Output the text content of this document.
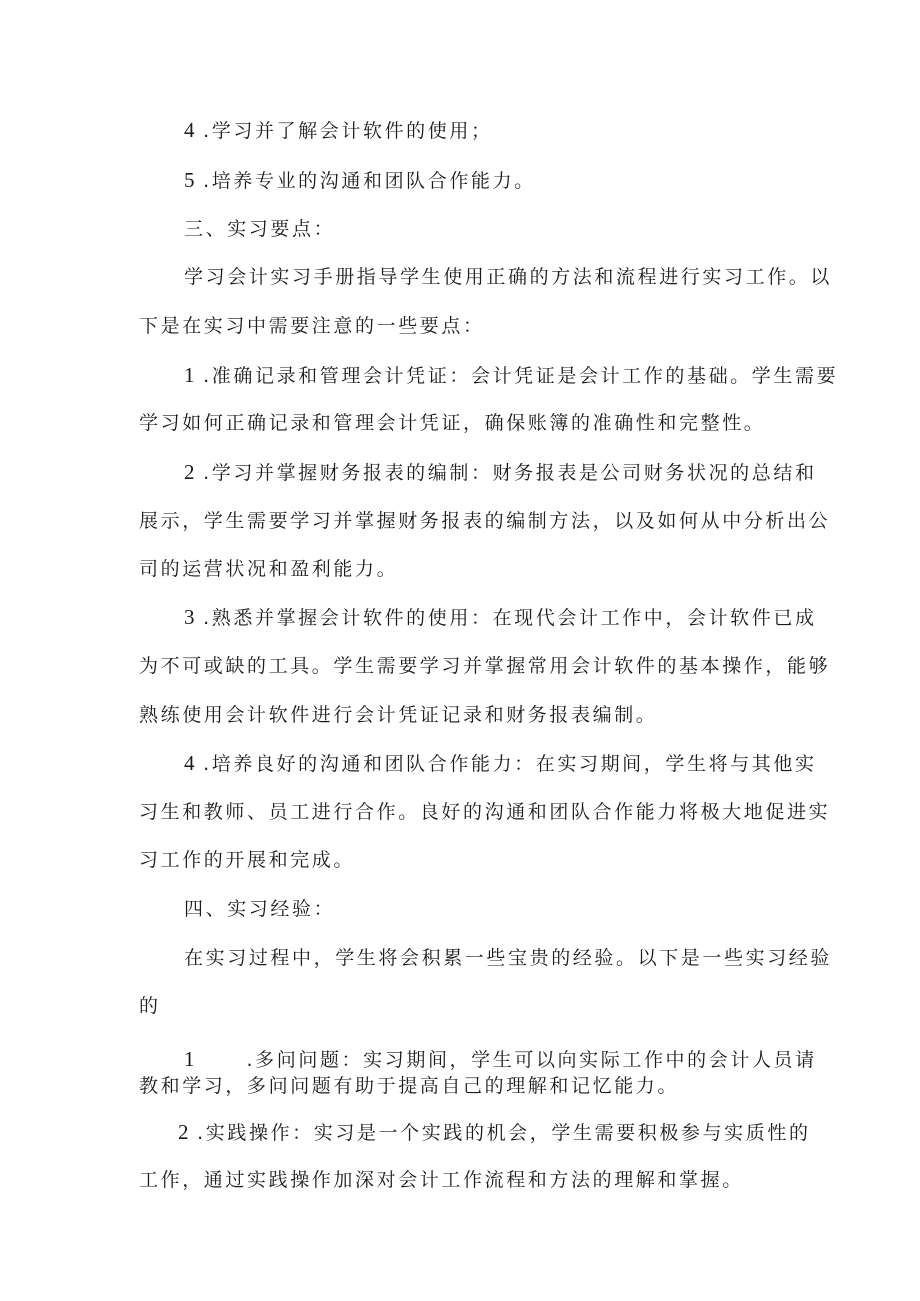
4 .学习并了解会计软件的使用；
5 .培养专业的沟通和团队合作能力。
三、实习要点：
学习会计实习手册指导学生使用正确的方法和流程进行实习工作。以
下是在实习中需要注意的一些要点：
1 .准确记录和管理会计凭证：会计凭证是会计工作的基础。学生需要
学习如何正确记录和管理会计凭证，确保账簿的准确性和完整性。
2 .学习并掌握财务报表的编制：财务报表是公司财务状况的总结和
展示，学生需要学习并掌握财务报表的编制方法，以及如何从中分析出公
司的运营状况和盈利能力。
3 .熟悉并掌握会计软件的使用：在现代会计工作中，会计软件已成
为不可或缺的工具。学生需要学习并掌握常用会计软件的基本操作，能够
熟练使用会计软件进行会计凭证记录和财务报表编制。
4 .培养良好的沟通和团队合作能力：在实习期间，学生将与其他实
习生和教师、员工进行合作。良好的沟通和团队合作能力将极大地促进实
习工作的开展和完成。
四、实习经验：
在实习过程中，学生将会积累一些宝贵的经验。以下是一些实习经验
的
1	.多问问题：实习期间，学生可以向实际工作中的会计人员请
教和学习，多问问题有助于提高自己的理解和记忆能力。
2 .实践操作：实习是一个实践的机会，学生需要积极参与实质性的
工作，通过实践操作加深对会计工作流程和方法的理解和掌握。
